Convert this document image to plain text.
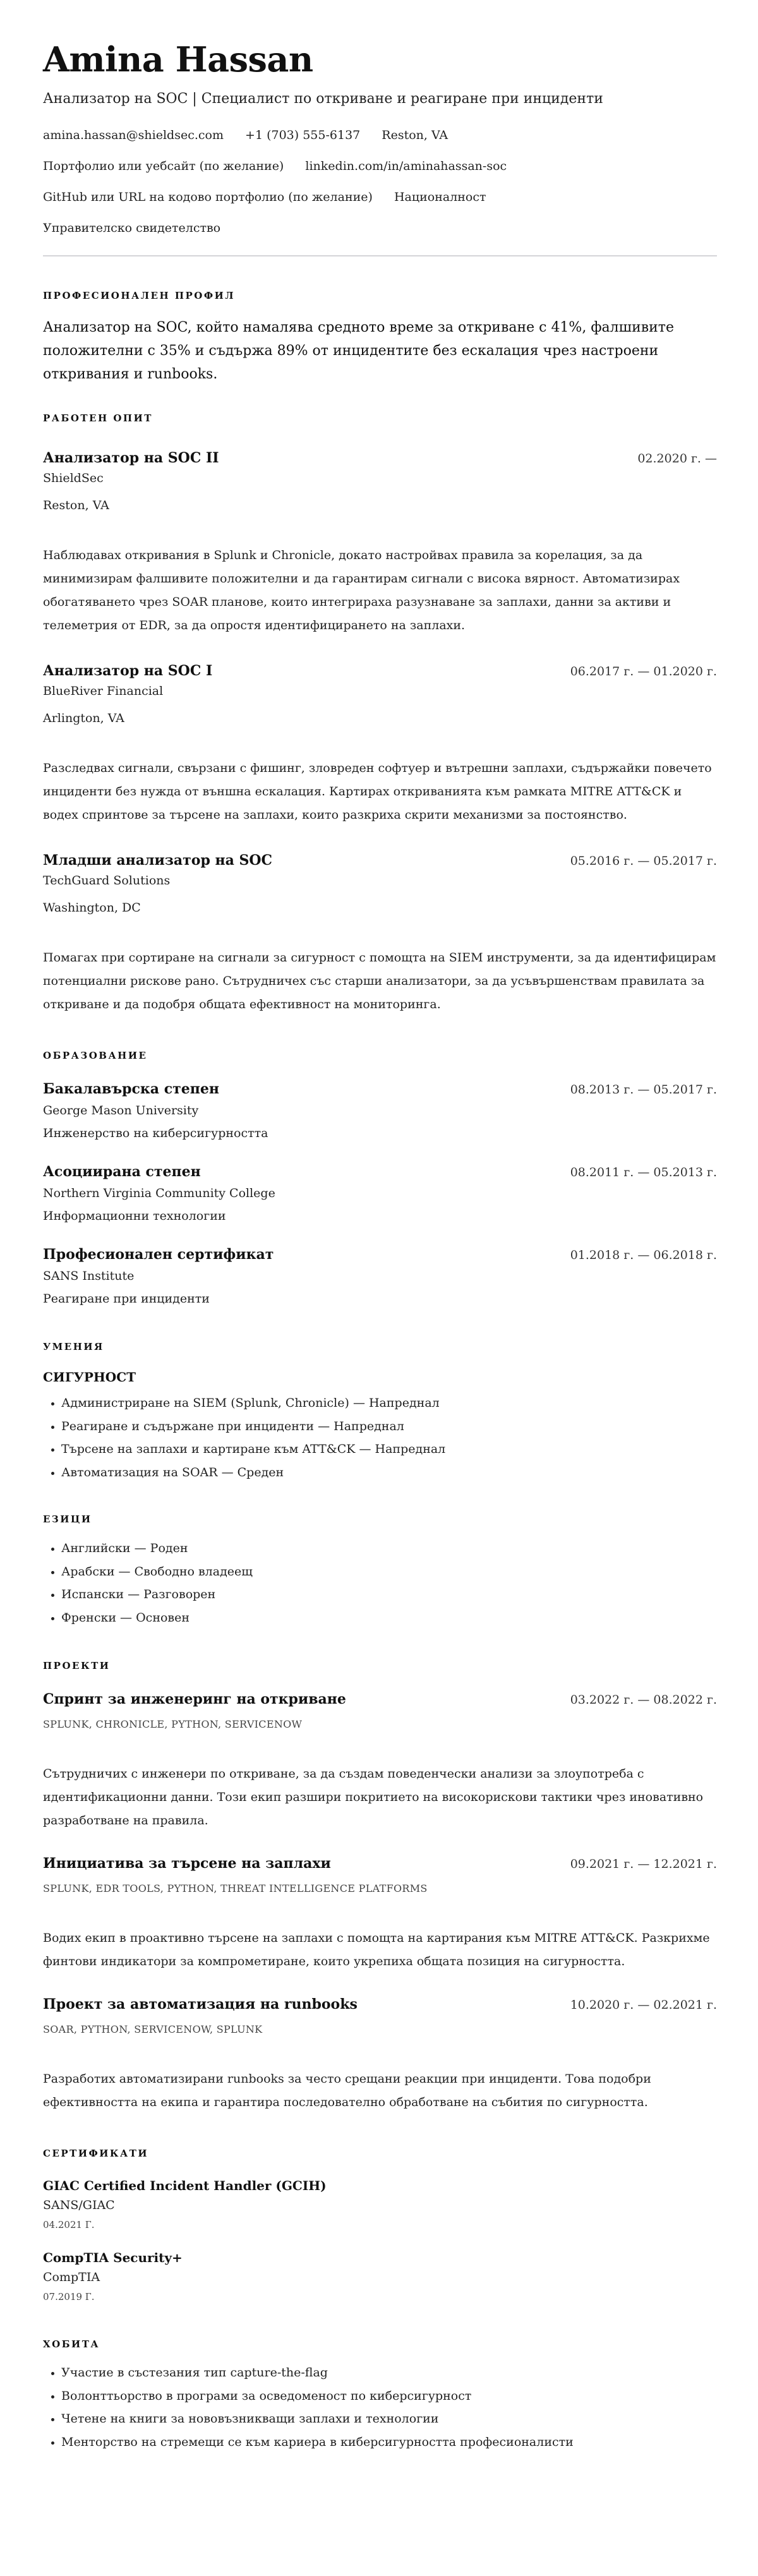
Amina Hassan
Анализатор на SOC | Специалист по откриване и реагиране при инциденти
amina.hassan@shieldsec.com +1 (703) 555-6137 Reston, VA
Портфолио или уебсайт (по желание) linkedin.com/in/aminahassan-soc
GitHub или URL на кодово портфолио (по желание) Националност
Управителско свидетелство
ПРОФЕСИОНАЛЕН ПРОФИЛ
Анализатор на SOC, който намалява средното време за откриване с 41%, фалшивите положителни с 35% и съдържа 89% от инцидентите без ескалация чрез настроени откривания и runbooks.
РАБОТЕН ОПИТ
Анализатор на SOC II	02.2020 г. —
ShieldSec
Reston, VA
Наблюдавах откривания в Splunk и Chronicle, докато настройвах правила за корелация, за да минимизирам фалшивите положителни и да гарантирам сигнали с висока вярност. Автоматизирах обогатяването чрез SOAR планове, които интегрираха разузнаване за заплахи, данни за активи и телеметрия от EDR, за да опростя идентифицирането на заплахи.
Анализатор на SOC I	06.2017 г. — 01.2020 г.
BlueRiver Financial
Arlington, VA
Разследвах сигнали, свързани с фишинг, зловреден софтуер и вътрешни заплахи, съдържайки повечето инциденти без нужда от външна ескалация. Картирах откриванията към рамката MITRE ATT&CK и водех спринтове за търсене на заплахи, които разкриха скрити механизми за постоянство.
Младши анализатор на SOC	05.2016 г. — 05.2017 г.
TechGuard Solutions
Washington, DC
Помагах при сортиране на сигнали за сигурност с помощта на SIEM инструменти, за да идентифицирам потенциални рискове рано. Сътрудничех със старши анализатори, за да усъвършенствам правилата за откриване и да подобря общата ефективност на мониторинга.
ОБРАЗОВАНИЕ
Бакалавърска степен	08.2013 г. — 05.2017 г.
George Mason University
Инженерство на киберсигурността
Асоциирана степен	08.2011 г. — 05.2013 г.
Northern Virginia Community College
Информационни технологии
Професионален сертификат	01.2018 г. — 06.2018 г.
SANS Institute
Реагиране при инциденти
УМЕНИЯ
СИГУРНОСТ
• Администриране на SIEM (Splunk, Chronicle) — Напреднал
• Реагиране и съдържане при инциденти — Напреднал
• Търсене на заплахи и картиране към ATT&CK — Напреднал
• Автоматизация на SOAR — Среден
ЕЗИЦИ
• Английски — Роден
• Арабски — Свободно владеещ
• Испански — Разговорен
• Френски — Основен
ПРОЕКТИ
Спринт за инженеринг на откриване	03.2022 г. — 08.2022 г.
SPLUNK, CHRONICLE, PYTHON, SERVICENOW
Сътрудничих с инженери по откриване, за да създам поведенчески анализи за злоупотреба с идентификационни данни. Този екип разшири покритието на високорискови тактики чрез иновативно разработване на правила.
Инициатива за търсене на заплахи	09.2021 г. — 12.2021 г.
SPLUNK, EDR TOOLS, PYTHON, THREAT INTELLIGENCE PLATFORMS
Водих екип в проактивно търсене на заплахи с помощта на картирания към MITRE ATT&CK. Разкрихме финтови индикатори за компрометиране, които укрепиха общата позиция на сигурността.
Проект за автоматизация на runbooks	10.2020 г. — 02.2021 г.
SOAR, PYTHON, SERVICENOW, SPLUNK
Разработих автоматизирани runbooks за често срещани реакции при инциденти. Това подобри ефективността на екипа и гарантира последователно обработване на събития по сигурността.
СЕРТИФИКАТИ
GIAC Certified Incident Handler (GCIH)
SANS/GIAC
04.2021 Г.
CompTIA Security+
CompTIA
07.2019 Г.
ХОБИТА
• Участие в състезания тип capture-the-flag
• Волонттьорство в програми за осведоменост по киберсигурност
• Четене на книги за нововъзникващи заплахи и технологии
• Менторство на стремещи се към кариера в киберсигурността професионалисти
